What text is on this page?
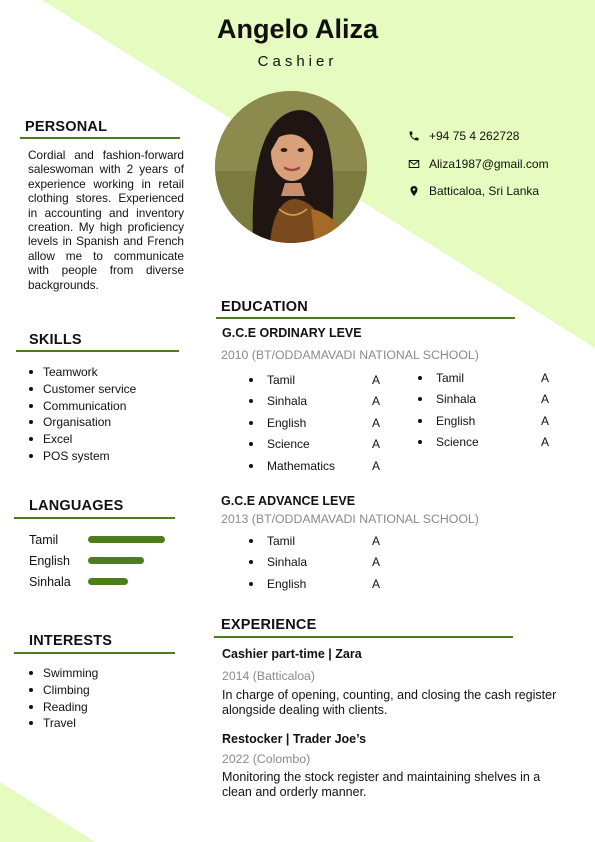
Angelo Aliza
Cashier
+94 75 4 262728
Aliza1987@gmail.com
Batticaloa, Sri Lanka
PERSONAL
Cordial and fashion-forward saleswoman with 2 years of experience working in retail clothing stores. Experienced in accounting and inventory creation. My high proficiency levels in Spanish and French allow me to communicate with people from diverse backgrounds.
SKILLS
Teamwork
Customer service
Communication
Organisation
Excel
POS system
LANGUAGES
Tamil
English
Sinhala
INTERESTS
Swimming
Climbing
Reading
Travel
EDUCATION
G.C.E ORDINARY LEVE
2010 (BT/ODDAMAVADI NATIONAL SCHOOL)
Tamil	A
Sinhala	A
English	A
Science	A
Mathematics	A
Tamil	A
Sinhala	A
English	A
Science	A
G.C.E ADVANCE LEVE
2013 (BT/ODDAMAVADI NATIONAL SCHOOL)
Tamil	A
Sinhala	A
English	A
EXPERIENCE
Cashier part-time | Zara
2014 (Batticaloa)
In charge of opening, counting, and closing the cash register alongside dealing with clients.
Restocker | Trader Joe’s
2022 (Colombo)
Monitoring the stock register and maintaining shelves in a clean and orderly manner.
